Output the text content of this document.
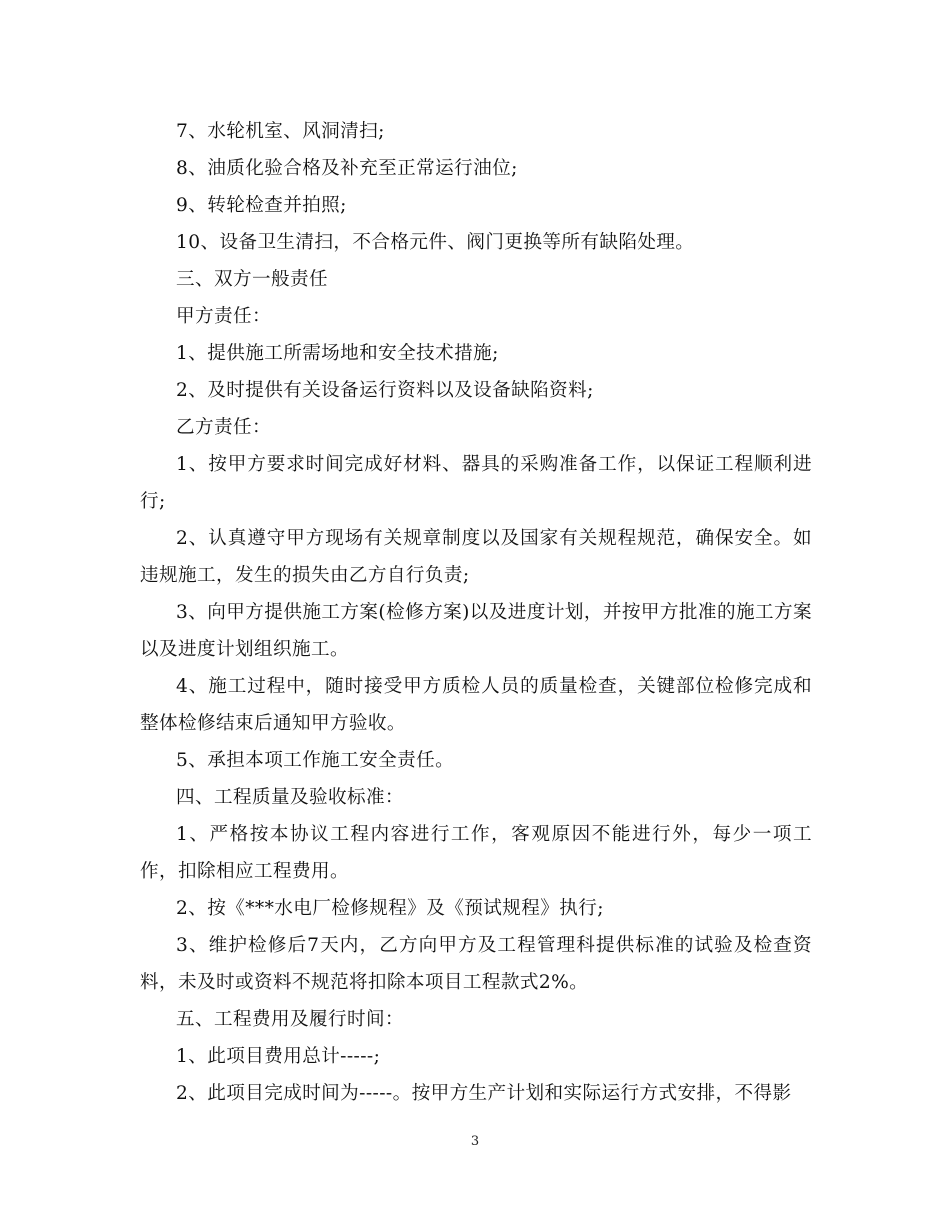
7、水轮机室、风洞清扫;

8、油质化验合格及补充至正常运行油位;

9、转轮检查并拍照;

10、设备卫生清扫，不合格元件、阀门更换等所有缺陷处理。

三、双方一般责任

甲方责任：

1、提供施工所需场地和安全技术措施;

2、及时提供有关设备运行资料以及设备缺陷资料;

乙方责任：

1、按甲方要求时间完成好材料、器具的采购准备工作，以保证工程顺利进行;

2、认真遵守甲方现场有关规章制度以及国家有关规程规范，确保安全。如违规施工，发生的损失由乙方自行负责;

3、向甲方提供施工方案(检修方案)以及进度计划，并按甲方批准的施工方案以及进度计划组织施工。

4、施工过程中，随时接受甲方质检人员的质量检查，关键部位检修完成和整体检修结束后通知甲方验收。

5、承担本项工作施工安全责任。

四、工程质量及验收标准：

1、严格按本协议工程内容进行工作，客观原因不能进行外，每少一项工作，扣除相应工程费用。

2、按《***水电厂检修规程》及《预试规程》执行;

3、维护检修后7天内，乙方向甲方及工程管理科提供标准的试验及检查资料，未及时或资料不规范将扣除本项目工程款式2%。

五、工程费用及履行时间：

1、此项目费用总计-----;

2、此项目完成时间为-----。按甲方生产计划和实际运行方式安排，不得影

3
